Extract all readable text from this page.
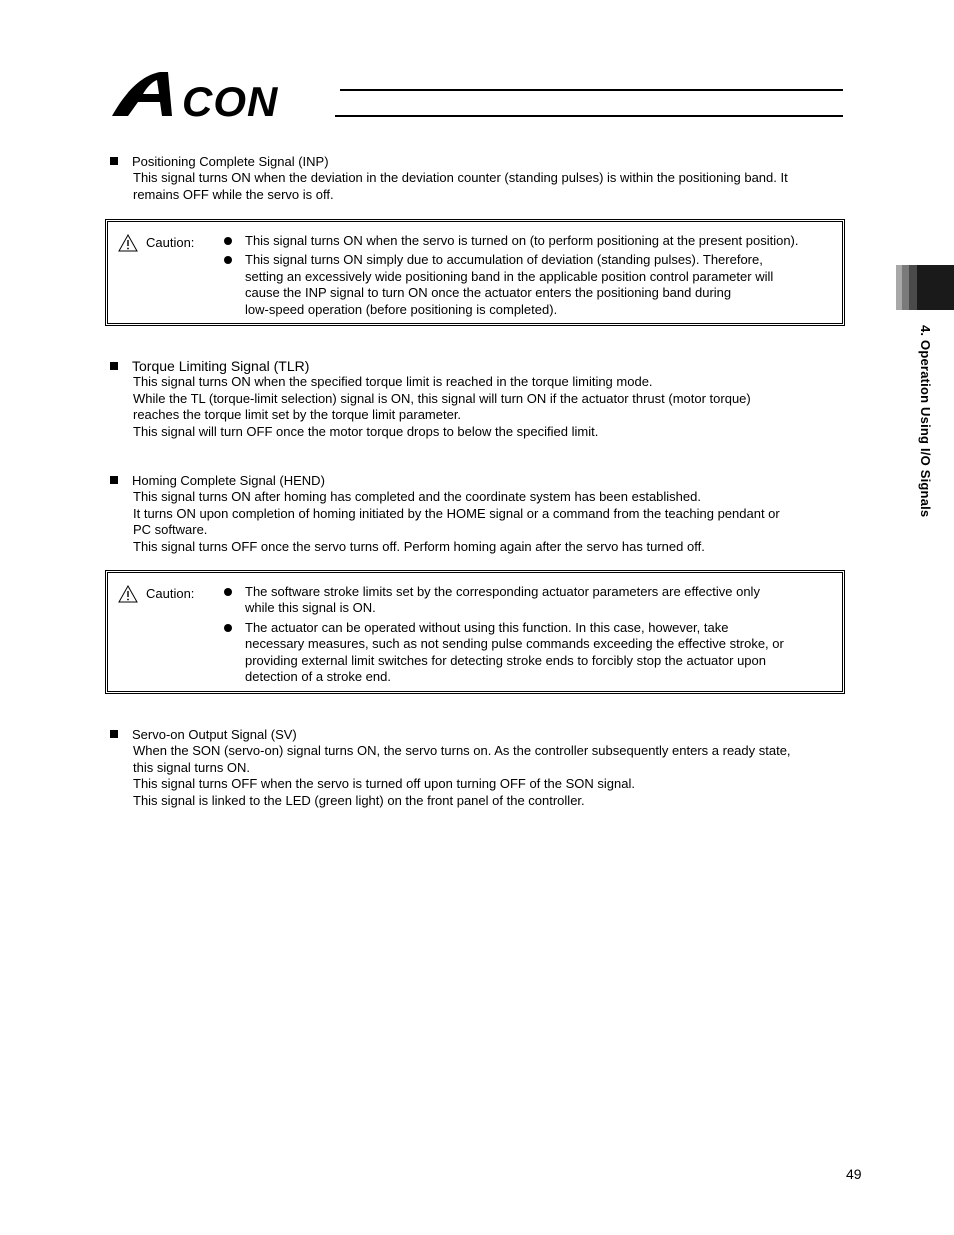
CON
4. Operation Using I/O Signals
Positioning Complete Signal (INP)
This signal turns ON when the deviation in the deviation counter (standing pulses) is within the positioning band. It
remains OFF while the servo is off.
Caution:	This signal turns ON when the servo is turned on (to perform positioning at the present position).
This signal turns ON simply due to accumulation of deviation (standing pulses). Therefore,
setting an excessively wide positioning band in the applicable position control parameter will
cause the INP signal to turn ON once the actuator enters the positioning band during
low-speed operation (before positioning is completed).
Torque Limiting Signal (TLR)
This signal turns ON when the specified torque limit is reached in the torque limiting mode.
While the TL (torque-limit selection) signal is ON, this signal will turn ON if the actuator thrust (motor torque)
reaches the torque limit set by the torque limit parameter.
This signal will turn OFF once the motor torque drops to below the specified limit.
Homing Complete Signal (HEND)
This signal turns ON after homing has completed and the coordinate system has been established.
It turns ON upon completion of homing initiated by the HOME signal or a command from the teaching pendant or
PC software.
This signal turns OFF once the servo turns off. Perform homing again after the servo has turned off.
Caution:	The software stroke limits set by the corresponding actuator parameters are effective only
while this signal is ON.
The actuator can be operated without using this function. In this case, however, take
necessary measures, such as not sending pulse commands exceeding the effective stroke, or
providing external limit switches for detecting stroke ends to forcibly stop the actuator upon
detection of a stroke end.
Servo-on Output Signal (SV)
When the SON (servo-on) signal turns ON, the servo turns on. As the controller subsequently enters a ready state,
this signal turns ON.
This signal turns OFF when the servo is turned off upon turning OFF of the SON signal.
This signal is linked to the LED (green light) on the front panel of the controller.
49
